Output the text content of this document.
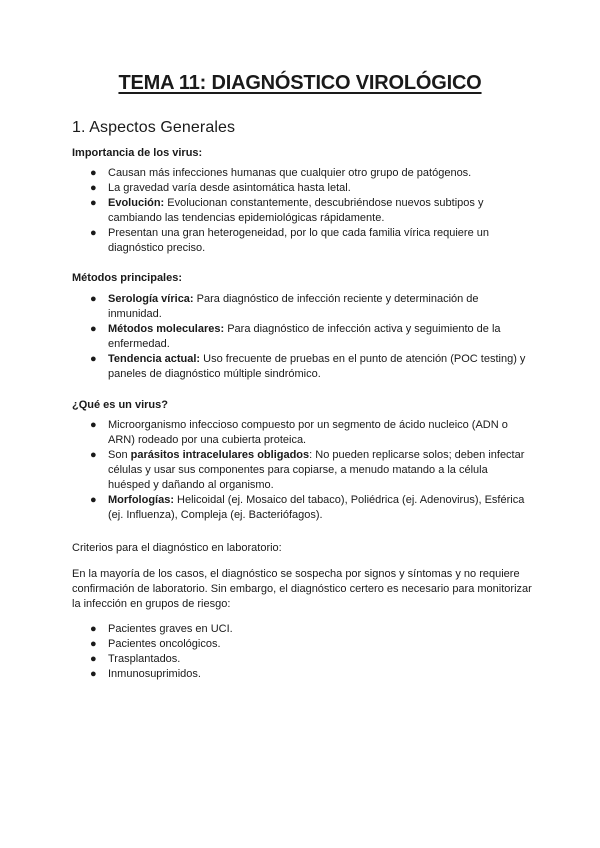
TEMA 11: DIAGNÓSTICO VIROLÓGICO
1. Aspectos Generales
Importancia de los virus:
● Causan más infecciones humanas que cualquier otro grupo de patógenos.
● La gravedad varía desde asintomática hasta letal.
● Evolución: Evolucionan constantemente, descubriéndose nuevos subtipos y cambiando las tendencias epidemiológicas rápidamente.
● Presentan una gran heterogeneidad, por lo que cada familia vírica requiere un diagnóstico preciso.
Métodos principales:
● Serología vírica: Para diagnóstico de infección reciente y determinación de inmunidad.
● Métodos moleculares: Para diagnóstico de infección activa y seguimiento de la enfermedad.
● Tendencia actual: Uso frecuente de pruebas en el punto de atención (POC testing) y paneles de diagnóstico múltiple sindrómico.
¿Qué es un virus?
● Microorganismo infeccioso compuesto por un segmento de ácido nucleico (ADN o ARN) rodeado por una cubierta proteica.
● Son parásitos intracelulares obligados: No pueden replicarse solos; deben infectar células y usar sus componentes para copiarse, a menudo matando a la célula huésped y dañando al organismo.
● Morfologías: Helicoidal (ej. Mosaico del tabaco), Poliédrica (ej. Adenovirus), Esférica (ej. Influenza), Compleja (ej. Bacteriófagos).
Criterios para el diagnóstico en laboratorio:
En la mayoría de los casos, el diagnóstico se sospecha por signos y síntomas y no requiere confirmación de laboratorio. Sin embargo, el diagnóstico certero es necesario para monitorizar la infección en grupos de riesgo:
● Pacientes graves en UCI.
● Pacientes oncológicos.
● Trasplantados.
● Inmunosuprimidos.
